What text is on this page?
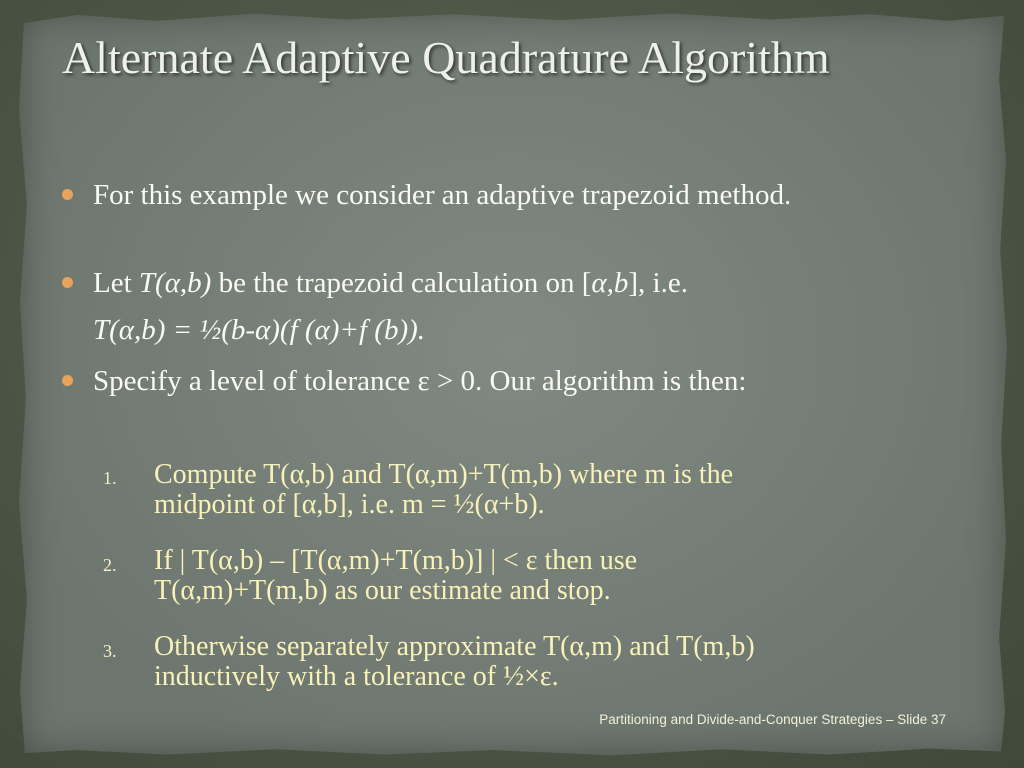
Alternate Adaptive Quadrature Algorithm
For this example we consider an adaptive trapezoid method.
Let T(α,b) be the trapezoid calculation on [α,b], i.e.
T(α,b) = ½(b-α)(f (α)+f (b)).
Specify a level of tolerance ε > 0. Our algorithm is then:
1. Compute T(α,b) and T(α,m)+T(m,b) where m is the
midpoint of [α,b], i.e. m = ½(α+b).
2. If | T(α,b) – [T(α,m)+T(m,b)] | < ε then use
T(α,m)+T(m,b) as our estimate and stop.
3. Otherwise separately approximate T(α,m) and T(m,b)
inductively with a tolerance of ½×ε.
Partitioning and Divide-and-Conquer Strategies – Slide 37
